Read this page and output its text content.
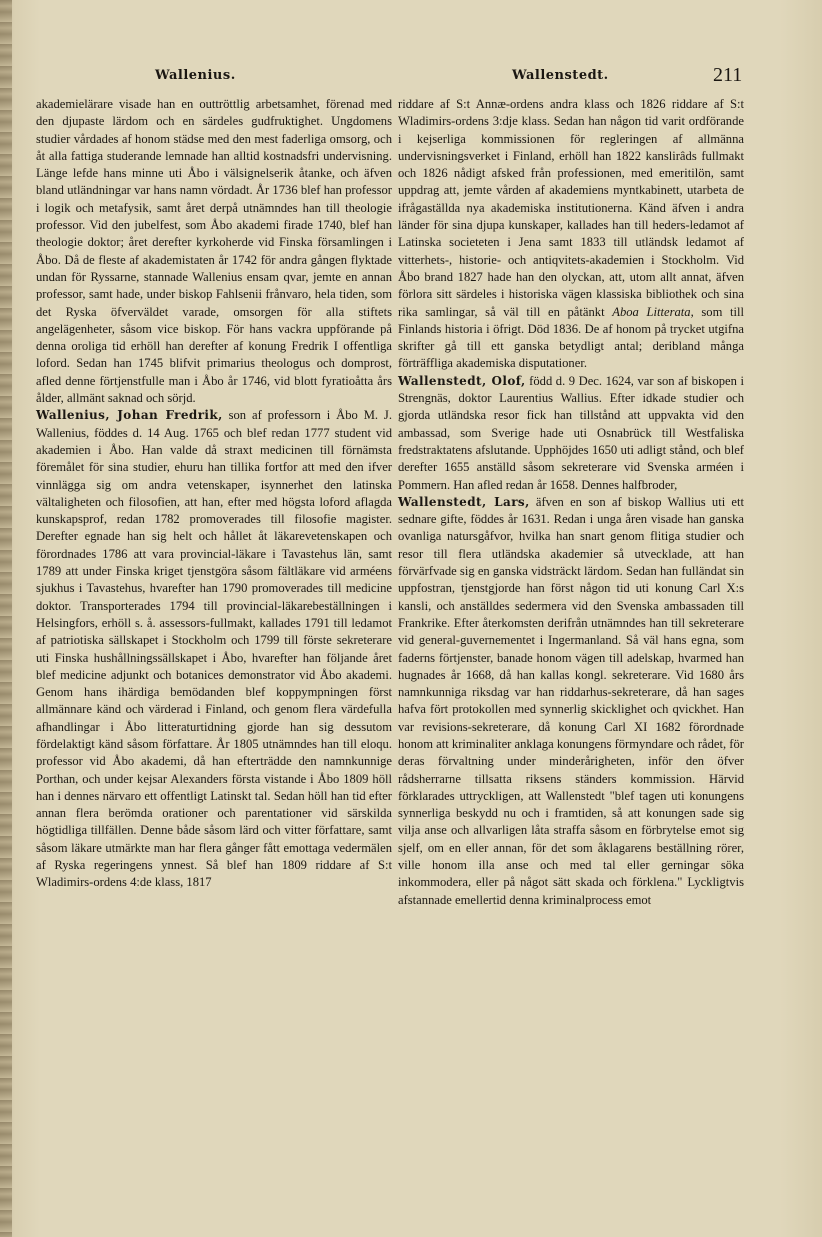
Wallenius.	Wallenstedt.	211

akademielärare visade han en outtröttlig arbetsamhet, förenad med den djupaste lärdom och en särdeles gudfruktighet. Ungdomens studier vårdades af honom städse med den mest faderliga omsorg, och åt alla fattiga studerande lemnade han alltid kostnadsfri undervisning. Länge lefde hans minne uti Åbo i välsignelserik åtanke, och äfven bland utländningar var hans namn vördadt. År 1736 blef han professor i logik och metafysik, samt året derpå utnämndes han till theologie professor. Vid den jubelfest, som Åbo akademi firade 1740, blef han theologie doktor; året derefter kyrkoherde vid Finska församlingen i Åbo. Då de fleste af akademistaten år 1742 för andra gången flyktade undan för Ryssarne, stannade Wallenius ensam qvar, jemte en annan professor, samt hade, under biskop Fahlsenii frånvaro, hela tiden, som det Ryska öfverväldet varade, omsorgen för alla stiftets angelägenheter, såsom vice biskop. För hans vackra uppförande på denna oroliga tid erhöll han derefter af konung Fredrik I offentliga loford. Sedan han 1745 blifvit primarius theologus och domprost, afled denne förtjenstfulle man i Åbo år 1746, vid blott fyratioåtta års ålder, allmänt saknad och sörjd.

Wallenius, Johan Fredrik, son af professorn i Åbo M. J. Wallenius, föddes d. 14 Aug. 1765 och blef redan 1777 student vid akademien i Åbo. Han valde då straxt medicinen till förnämsta föremålet för sina studier, ehuru han tillika fortfor att med den ifver vinnlägga sig om andra vetenskaper, isynnerhet den latinska vältaligheten och filosofien, att han, efter med högsta loford aflagda kunskapsprof, redan 1782 promoverades till filosofie magister. Derefter egnade han sig helt och hållet åt läkarevetenskapen och förordnades 1786 att vara provincial-läkare i Tavastehus län, samt 1789 att under Finska kriget tjenstgöra såsom fältläkare vid arméens sjukhus i Tavastehus, hvarefter han 1790 promoverades till medicine doktor. Transporterades 1794 till provincial-läkarebeställningen i Helsingfors, erhöll s. å. assessors-fullmakt, kallades 1791 till ledamot af patriotiska sällskapet i Stockholm och 1799 till förste sekreterare uti Finska hushållningssällskapet i Åbo, hvarefter han följande året blef medicine adjunkt och botanices demonstrator vid Åbo akademi. Genom hans ihärdiga bemödanden blef koppympningen först allmännare känd och värderad i Finland, och genom flera värdefulla afhandlingar i Åbo litteraturtidning gjorde han sig dessutom fördelaktigt känd såsom författare. År 1805 utnämndes han till eloqu. professor vid Åbo akademi, då han efterträdde den namnkunnige Porthan, och under kejsar Alexanders första vistande i Åbo 1809 höll han i dennes närvaro ett offentligt Latinskt tal. Sedan höll han tid efter annan flera berömda orationer och parentationer vid särskilda högtidliga tillfällen. Denne både såsom lärd och vitter författare, samt såsom läkare utmärkte man har flera gånger fått emottaga vedermälen af Ryska regeringens ynnest. Så blef han 1809 riddare af S:t Wladimirs-ordens 4:de klass, 1817

riddare af S:t Annæ-ordens andra klass och 1826 riddare af S:t Wladimirs-ordens 3:dje klass. Sedan han någon tid varit ordförande i kejserliga kommissionen för regleringen af allmänna undervisningsverket i Finland, erhöll han 1822 kanslirâds fullmakt och 1826 nådigt afsked från professionen, med emeritilön, samt uppdrag att, jemte vården af akademiens myntkabinett, utarbeta de ifrågaställda nya akademiska institutionerna. Känd äfven i andra länder för sina djupa kunskaper, kallades han till heders-ledamot af Latinska societeten i Jena samt 1833 till utländsk ledamot af vitterhets-, historie- och antiqvitets-akademien i Stockholm. Vid Åbo brand 1827 hade han den olyckan, att, utom allt annat, äfven förlora sitt särdeles i historiska vägen klassiska bibliothek och sina rika samlingar, så väl till en påtänkt Aboa Litterata, som till Finlands historia i öfrigt. Död 1836. De af honom på trycket utgifna skrifter gå till ett ganska betydligt antal; deribland många förträffliga akademiska disputationer.

Wallenstedt, Olof, född d. 9 Dec. 1624, var son af biskopen i Strengnäs, doktor Laurentius Wallius. Efter idkade studier och gjorda utländska resor fick han tillstånd att uppvakta vid den ambassad, som Sverige hade uti Osnabrück till Westfaliska fredstraktatens afslutande. Upphöjdes 1650 uti adligt stånd, och blef derefter 1655 anställd såsom sekreterare vid Svenska arméen i Pommern. Han afled redan år 1658. Dennes halfbroder,

Wallenstedt, Lars, äfven en son af biskop Wallius uti ett sednare gifte, föddes år 1631. Redan i unga åren visade han ganska ovanliga natursgåfvor, hvilka han snart genom flitiga studier och resor till flera utländska akademier så utvecklade, att han förvärfvade sig en ganska vidsträckt lärdom. Sedan han fulländat sin uppfostran, tjenstgjorde han först någon tid uti konung Carl X:s kansli, och anställdes sedermera vid den Svenska ambassaden till Frankrike. Efter återkomsten derifrån utnämndes han till sekreterare vid general-guvernementet i Ingermanland. Så väl hans egna, som faderns förtjenster, banade honom vägen till adelskap, hvarmed han hugnades år 1668, då han kallas kongl. sekreterare. Vid 1680 års namnkunniga riksdag var han riddarhus-sekreterare, då han sages hafva fört protokollen med synnerlig skicklighet och qvickhet. Han var revisions-sekreterare, då konung Carl XI 1682 förordnade honom att kriminaliter anklaga konungens förmyndare och rådet, för deras förvaltning under minderårigheten, inför den öfver rådsherrarne tillsatta riksens ständers kommission. Härvid förklarades uttryckligen, att Wallenstedt "blef tagen uti konungens synnerliga beskydd nu och i framtiden, så att konungen sade sig vilja anse och allvarligen låta straffa såsom en förbrytelse emot sig sjelf, om en eller annan, för det som åklagarens beställning rörer, ville honom illa anse och med tal eller gerningar söka inkommodera, eller på något sätt skada och förklena." Lyckligtvis afstannade emellertid denna kriminalprocess emot
